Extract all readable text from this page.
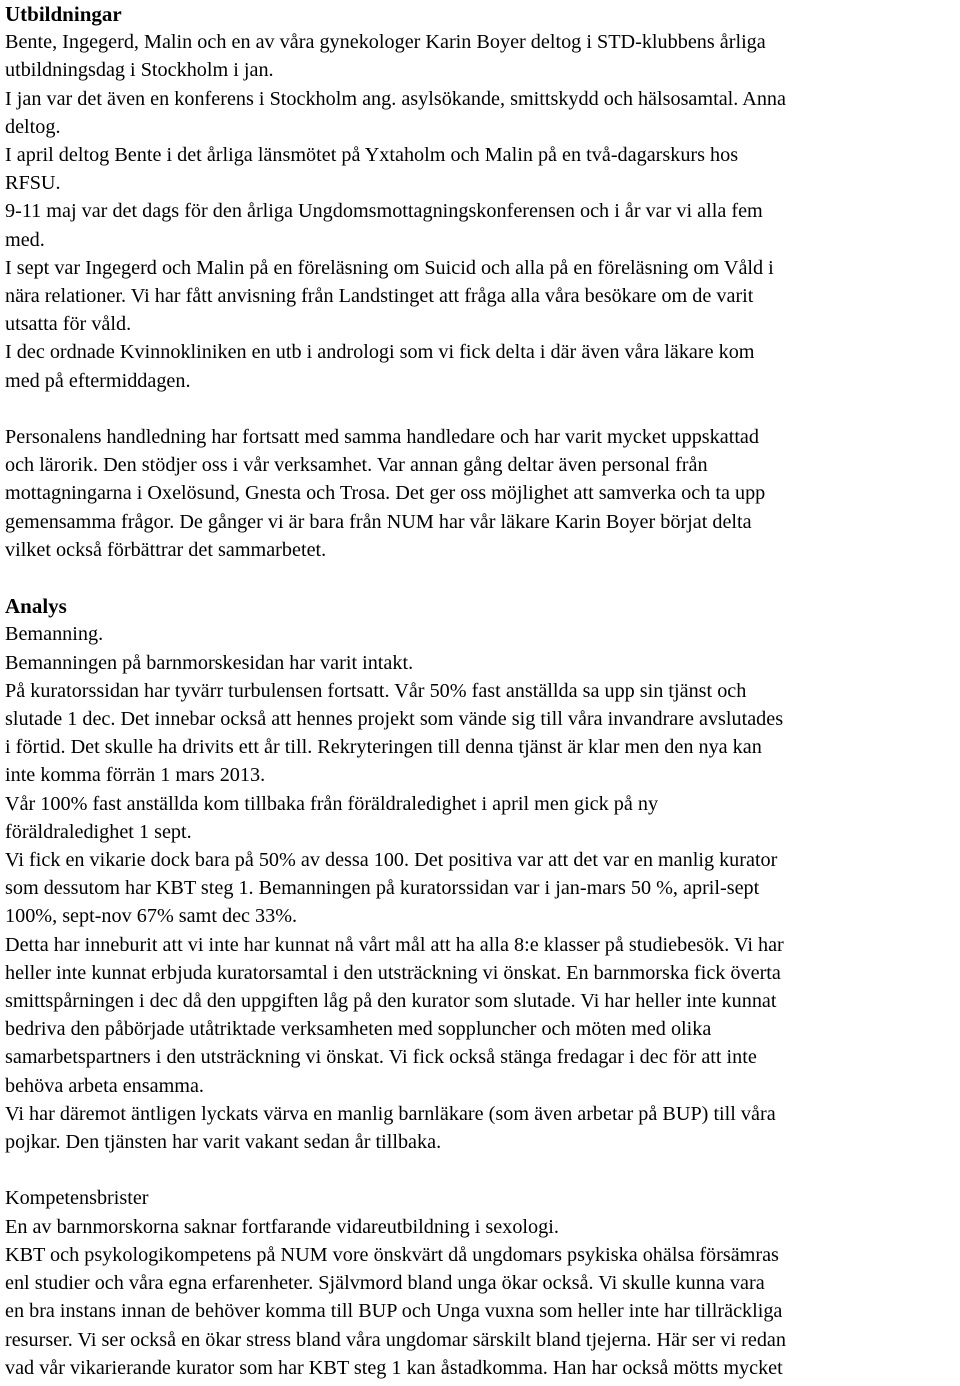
Utbildningar
Bente, Ingegerd, Malin och en av våra gynekologer Karin Boyer deltog i STD-klubbens årliga
utbildningsdag i Stockholm i jan.
I jan var det även en konferens i Stockholm ang. asylsökande, smittskydd och hälsosamtal. Anna
deltog.
I april deltog Bente i det årliga länsmötet på Yxtaholm och Malin på en två-dagarskurs hos
RFSU.
9-11 maj var det dags för den årliga Ungdomsmottagningskonferensen och i år var vi alla fem
med.
I sept var Ingegerd och Malin på en föreläsning om Suicid och alla på en föreläsning om Våld i
nära relationer. Vi har fått anvisning från Landstinget att fråga alla våra besökare om de varit
utsatta för våld.
I dec ordnade Kvinnokliniken en utb i andrologi som vi fick delta i där även våra läkare kom
med på eftermiddagen.
Personalens handledning har fortsatt med samma handledare och har varit mycket uppskattad
och lärorik. Den stödjer oss i vår verksamhet. Var annan gång deltar även personal från
mottagningarna i Oxelösund, Gnesta och Trosa. Det ger oss möjlighet att samverka och ta upp
gemensamma frågor. De gånger vi är bara från NUM har vår läkare Karin Boyer börjat delta
vilket också förbättrar det sammarbetet.
Analys
Bemanning.
Bemanningen på barnmorskesidan har varit intakt.
På kuratorssidan har tyvärr turbulensen fortsatt. Vår 50% fast anställda sa upp sin tjänst och
slutade 1 dec. Det innebar också att hennes projekt som vände sig till våra invandrare avslutades
i förtid. Det skulle ha drivits ett år till. Rekryteringen till denna tjänst är klar men den nya kan
inte komma förrän 1 mars 2013.
Vår 100% fast anställda kom tillbaka från föräldraledighet i april men gick på ny
föräldraledighet 1 sept.
Vi fick en vikarie dock bara på 50% av dessa 100. Det positiva var att det var en manlig kurator
som dessutom har KBT steg 1. Bemanningen på kuratorssidan var i jan-mars 50 %, april-sept
100%, sept-nov 67% samt dec 33%.
Detta har inneburit att vi inte har kunnat nå vårt mål att ha alla 8:e klasser på studiebesök. Vi har
heller inte kunnat erbjuda kuratorsamtal i den utsträckning vi önskat. En barnmorska fick överta
smittspårningen i dec då den uppgiften låg på den kurator som slutade. Vi har heller inte kunnat
bedriva den påbörjade utåtriktade verksamheten med soppluncher och möten med olika
samarbetspartners i den utsträckning vi önskat. Vi fick också stänga fredagar i dec för att inte
behöva arbeta ensamma.
Vi har däremot äntligen lyckats värva en manlig barnläkare (som även arbetar på BUP) till våra
pojkar. Den tjänsten har varit vakant sedan år tillbaka.
Kompetensbrister
En av barnmorskorna saknar fortfarande vidareutbildning i sexologi.
KBT och psykologikompetens på NUM vore önskvärt då ungdomars psykiska ohälsa försämras
enl studier och våra egna erfarenheter. Självmord bland unga ökar också. Vi skulle kunna vara
en bra instans innan de behöver komma till BUP och Unga vuxna som heller inte har tillräckliga
resurser. Vi ser också en ökar stress bland våra ungdomar särskilt bland tjejerna. Här ser vi redan
vad vår vikarierande kurator som har KBT steg 1 kan åstadkomma. Han har också mötts mycket
